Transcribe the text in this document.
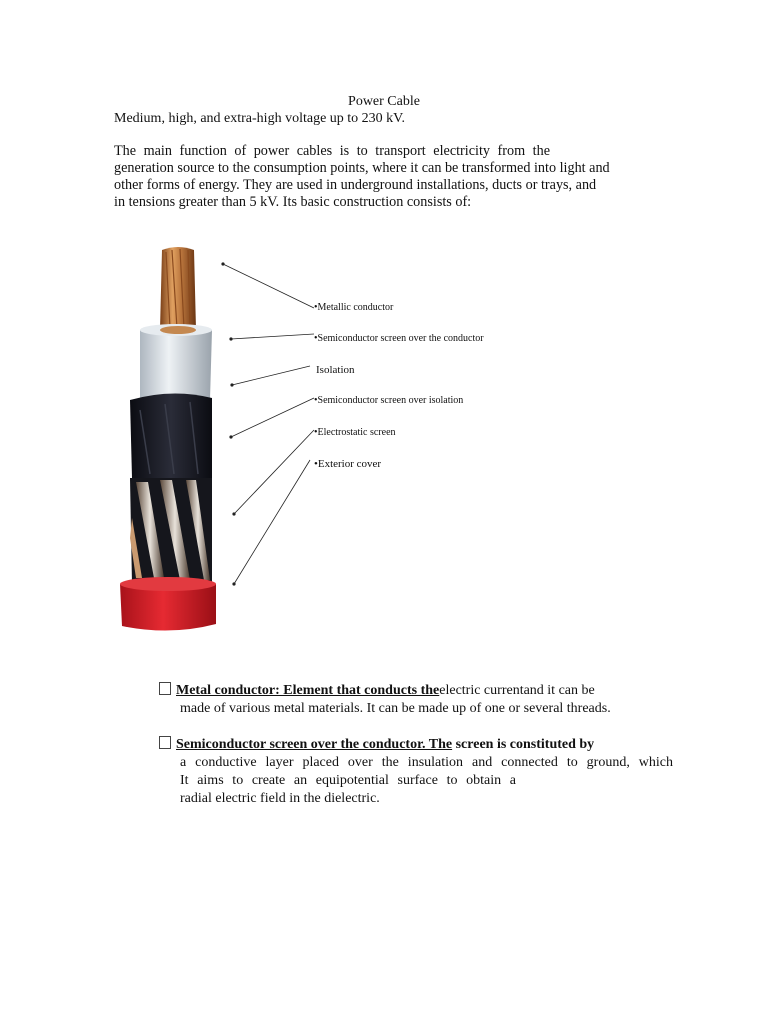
Power Cable
Medium, high, and extra-high voltage up to 230 kV.
The main function of power cables is to transport electricity from the
generation source to the consumption points, where it can be transformed into light and
other forms of energy. They are used in underground installations, ducts or trays, and
in tensions greater than 5 kV. Its basic construction consists of:
•Metallic conductor
•Semiconductor screen over the conductor
Isolation
•Semiconductor screen over isolation
•Electrostatic screen
•Exterior cover
Metal conductor: Element that conducts theelectric currentand it can be
made of various metal materials. It can be made up of one or several threads.
Semiconductor screen over the conductor. The screen is constituted by
a conductive layer placed over the insulation and connected to ground, which
It aims to create an equipotential surface to obtain a
radial electric field in the dielectric.
